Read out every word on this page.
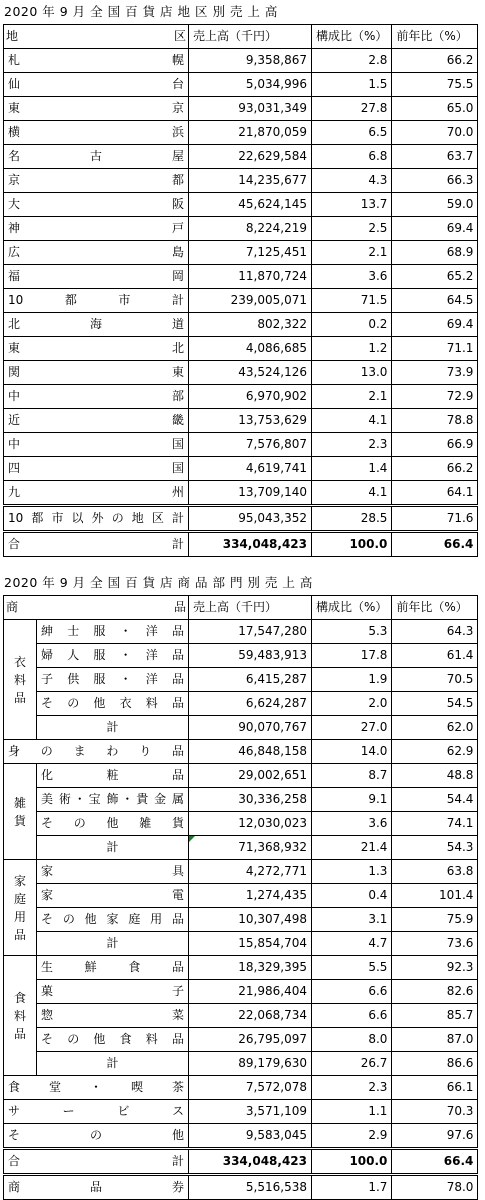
2020 年 9 月 全 国 百 貨 店 地 区 別 売 上 高
地 区	売上高（千円）	構成比（%）	前年比（%）
札幌	9,358,867	2.8	66.2
仙台	5,034,996	1.5	75.5
東京	93,031,349	27.8	65.0
横浜	21,870,059	6.5	70.0
名古屋	22,629,584	6.8	63.7
京都	14,235,677	4.3	66.3
大阪	45,624,145	13.7	59.0
神戸	8,224,219	2.5	69.4
広島	7,125,451	2.1	68.9
福岡	11,870,724	3.6	65.2
10都市計	239,005,071	71.5	64.5
北海道	802,322	0.2	69.4
東北	4,086,685	1.2	71.1
関東	43,524,126	13.0	73.9
中部	6,970,902	2.1	72.9
近畿	13,753,629	4.1	78.8
中国	7,576,807	2.3	66.9
四国	4,619,741	1.4	66.2
九州	13,709,140	4.1	64.1
10都市以外の地区計	95,043,352	28.5	71.6
合計	334,048,423	100.0	66.4
2020 年 9 月 全 国 百 貨 店 商 品 部 門 別 売 上 高
商 品		売上高（千円）	構成比（%）	前年比（%）
衣料品	紳士服・洋品	17,547,280	5.3	64.3
	婦人服・洋品	59,483,913	17.8	61.4
	子供服・洋品	6,415,287	1.9	70.5
	その他衣料品	6,624,287	2.0	54.5
	計	90,070,767	27.0	62.0
身のまわり品		46,848,158	14.0	62.9
雑貨	化粧品	29,002,651	8.7	48.8
	美術･宝飾･貴金属	30,336,258	9.1	54.4
	その他雑貨	12,030,023	3.6	74.1
	計	71,368,932	21.4	54.3
家庭用品	家具	4,272,771	1.3	63.8
	家電	1,274,435	0.4	101.4
	その他家庭用品	10,307,498	3.1	75.9
	計	15,854,704	4.7	73.6
食料品	生鮮食品	18,329,395	5.5	92.3
	菓子	21,986,404	6.6	82.6
	惣菜	22,068,734	6.6	85.7
	その他食料品	26,795,097	8.0	87.0
	計	89,179,630	26.7	86.6
食堂・喫茶		7,572,078	2.3	66.1
サービス		3,571,109	1.1	70.3
その他		9,583,045	2.9	97.6
合計		334,048,423	100.0	66.4
商品券		5,516,538	1.7	78.0
